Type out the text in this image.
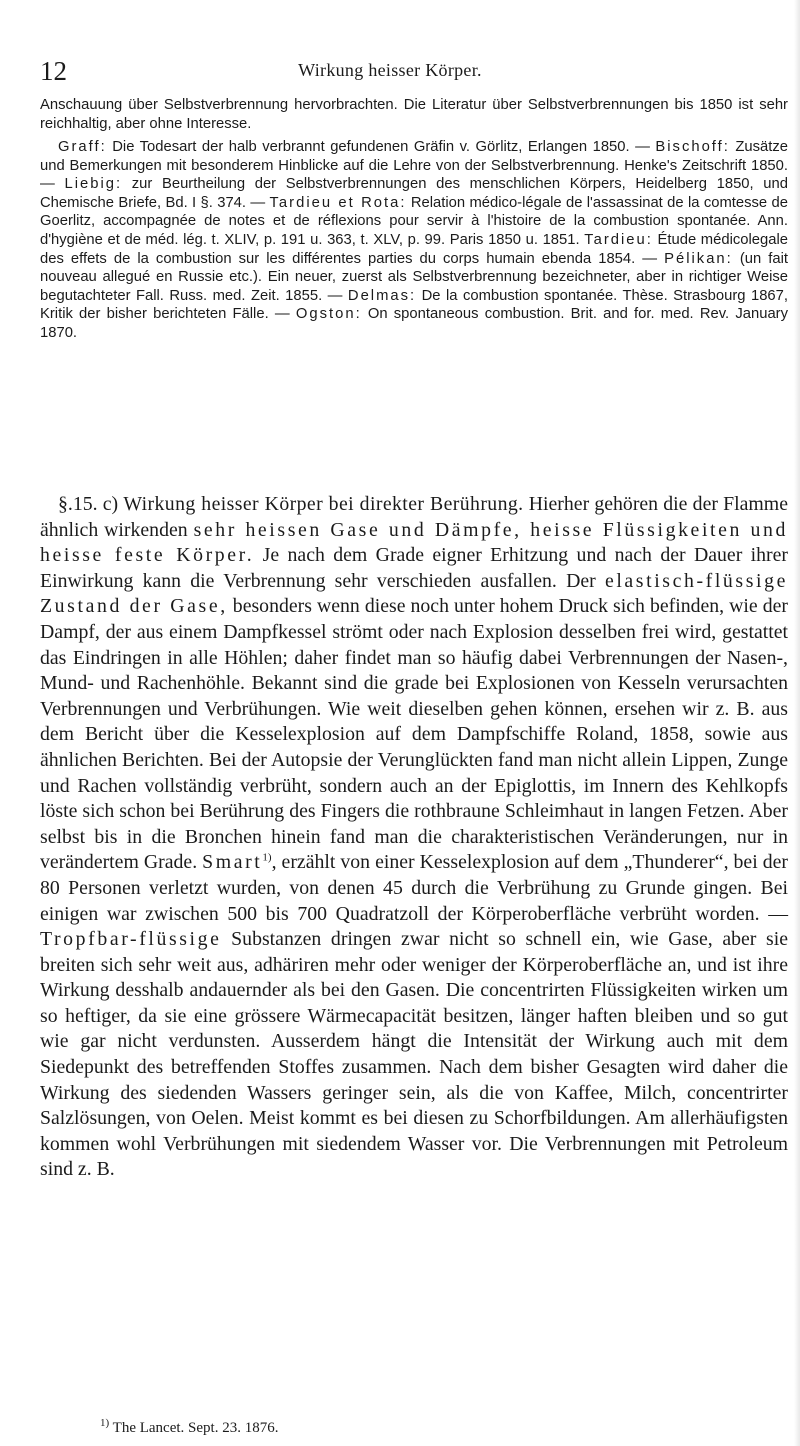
12	Wirkung heisser Körper.
Anschauung über Selbstverbrennung hervorbrachten. Die Literatur über Selbstverbrennungen bis 1850 ist sehr reichhaltig, aber ohne Interesse.
Graff: Die Todesart der halb verbrannt gefundenen Gräfin v. Görlitz, Erlangen 1850. — Bischoff: Zusätze und Bemerkungen mit besonderem Hinblicke auf die Lehre von der Selbstverbrennung. Henke's Zeitschrift 1850. — Liebig: zur Beurtheilung der Selbstverbrennungen des menschlichen Körpers, Heidelberg 1850, und Chemische Briefe, Bd. I §. 374. — Tardieu et Rota: Relation médico-légale de l'assassinat de la comtesse de Goerlitz, accompagnée de notes et de réflexions pour servir à l'histoire de la combustion spontanée. Ann. d'hygiène et de méd. lég. t. XLIV, p. 191 u. 363, t. XLV, p. 99. Paris 1850 u. 1851. Tardieu: Étude médicolegale des effets de la combustion sur les différentes parties du corps humain ebenda 1854. — Pélikan: (un fait nouveau allegué en Russie etc.). Ein neuer, zuerst als Selbstverbrennung bezeichneter, aber in richtiger Weise begutachteter Fall. Russ. med. Zeit. 1855. — Delmas: De la combustion spontanée. Thèse. Strasbourg 1867, Kritik der bisher berichteten Fälle. — Ogston: On spontaneous combustion. Brit. and for. med. Rev. January 1870.
§.15. c) Wirkung heisser Körper bei direkter Berührung. Hierher gehören die der Flamme ähnlich wirkenden sehr heissen Gase und Dämpfe, heisse Flüssigkeiten und heisse feste Körper. Je nach dem Grade eigner Erhitzung und nach der Dauer ihrer Einwirkung kann die Verbrennung sehr verschieden ausfallen. Der elastisch-flüssige Zustand der Gase, besonders wenn diese noch unter hohem Druck sich befinden, wie der Dampf, der aus einem Dampfkessel strömt oder nach Explosion desselben frei wird, gestattet das Eindringen in alle Höhlen; daher findet man so häufig dabei Verbrennungen der Nasen-, Mund- und Rachenhöhle. Bekannt sind die grade bei Explosionen von Kesseln verursachten Verbrennungen und Verbrühungen. Wie weit dieselben gehen können, ersehen wir z. B. aus dem Bericht über die Kesselexplosion auf dem Dampfschiffe Roland, 1858, sowie aus ähnlichen Berichten. Bei der Autopsie der Verunglückten fand man nicht allein Lippen, Zunge und Rachen vollständig verbrüht, sondern auch an der Epiglottis, im Innern des Kehlkopfs löste sich schon bei Berührung des Fingers die rothbraune Schleimhaut in langen Fetzen. Aber selbst bis in die Bronchen hinein fand man die charakteristischen Veränderungen, nur in verändertem Grade. Smart$^{1)}$, erzählt von einer Kesselexplosion auf dem „Thunderer“, bei der 80 Personen verletzt wurden, von denen 45 durch die Verbrühung zu Grunde gingen. Bei einigen war zwischen 500 bis 700 Quadratzoll der Körperoberfläche verbrüht worden. — Tropfbar-flüssige Substanzen dringen zwar nicht so schnell ein, wie Gase, aber sie breiten sich sehr weit aus, adhäriren mehr oder weniger der Körperoberfläche an, und ist ihre Wirkung desshalb andauernder als bei den Gasen. Die concentrirten Flüssigkeiten wirken um so heftiger, da sie eine grössere Wärmecapacität besitzen, länger haften bleiben und so gut wie gar nicht verdunsten. Ausserdem hängt die Intensität der Wirkung auch mit dem Siedepunkt des betreffenden Stoffes zusammen. Nach dem bisher Gesagten wird daher die Wirkung des siedenden Wassers geringer sein, als die von Kaffee, Milch, concentrirter Salzlösungen, von Oelen. Meist kommt es bei diesen zu Schorfbildungen. Am allerhäufigsten kommen wohl Verbrühungen mit siedendem Wasser vor. Die Verbrennungen mit Petroleum sind z. B.
$^{1)}$ The Lancet. Sept. 23. 1876.
